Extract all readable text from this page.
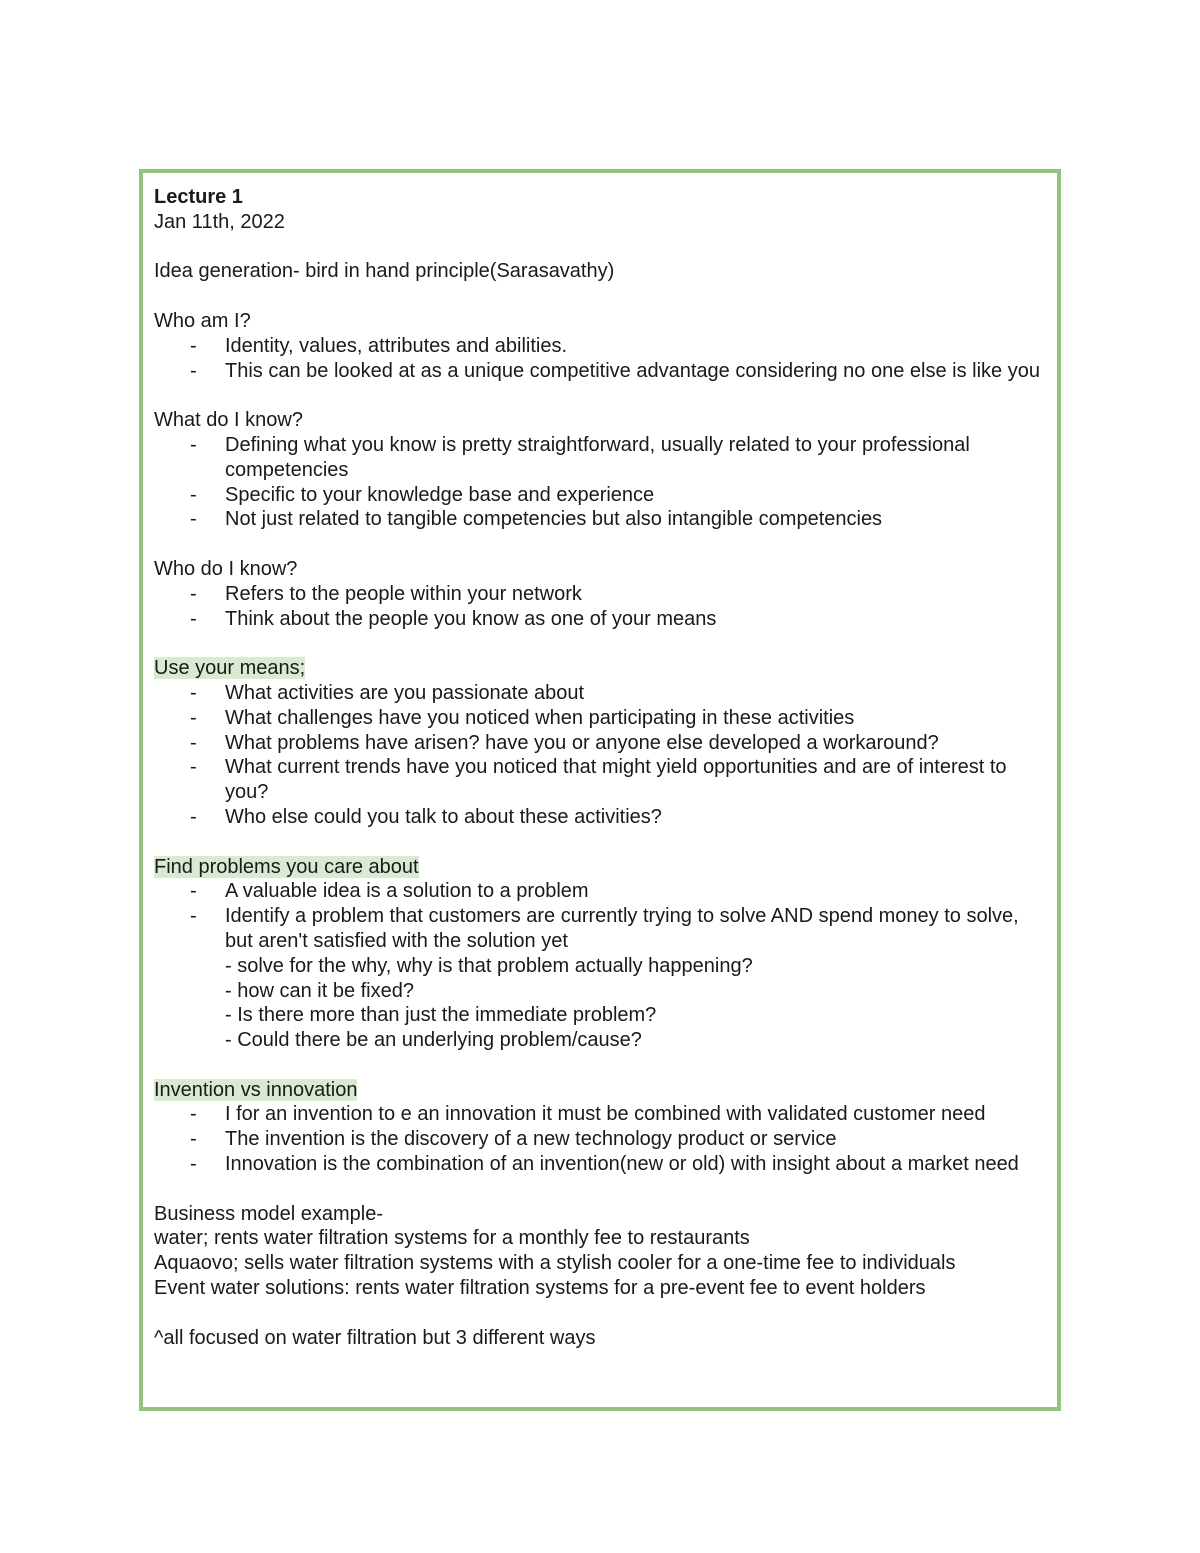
Lecture 1
Jan 11th, 2022
Idea generation- bird in hand principle(Sarasavathy)
Who am I?
- Identity, values, attributes and abilities.
- This can be looked at as a unique competitive advantage considering no one else is like you
What do I know?
- Defining what you know is pretty straightforward, usually related to your professional competencies
- Specific to your knowledge base and experience
- Not just related to tangible competencies but also intangible competencies
Who do I know?
- Refers to the people within your network
- Think about the people you know as one of your means
Use your means;
- What activities are you passionate about
- What challenges have you noticed when participating in these activities
- What problems have arisen? have you or anyone else developed a workaround?
- What current trends have you noticed that might yield opportunities and are of interest to you?
- Who else could you talk to about these activities?
Find problems you care about
- A valuable idea is a solution to a problem
- Identify a problem that customers are currently trying to solve AND spend money to solve, but aren't satisfied with the solution yet
- solve for the why, why is that problem actually happening?
- how can it be fixed?
- Is there more than just the immediate problem?
- Could there be an underlying problem/cause?
Invention vs innovation
- I for an invention to e an innovation it must be combined with validated customer need
- The invention is the discovery of a new technology product or service
- Innovation is the combination of an invention(new or old) with insight about a market need
Business model example-
water; rents water filtration systems for a monthly fee to restaurants
Aquaovo; sells water filtration systems with a stylish cooler for a one-time fee to individuals
Event water solutions: rents water filtration systems for a pre-event fee to event holders
^all focused on water filtration but 3 different ways
